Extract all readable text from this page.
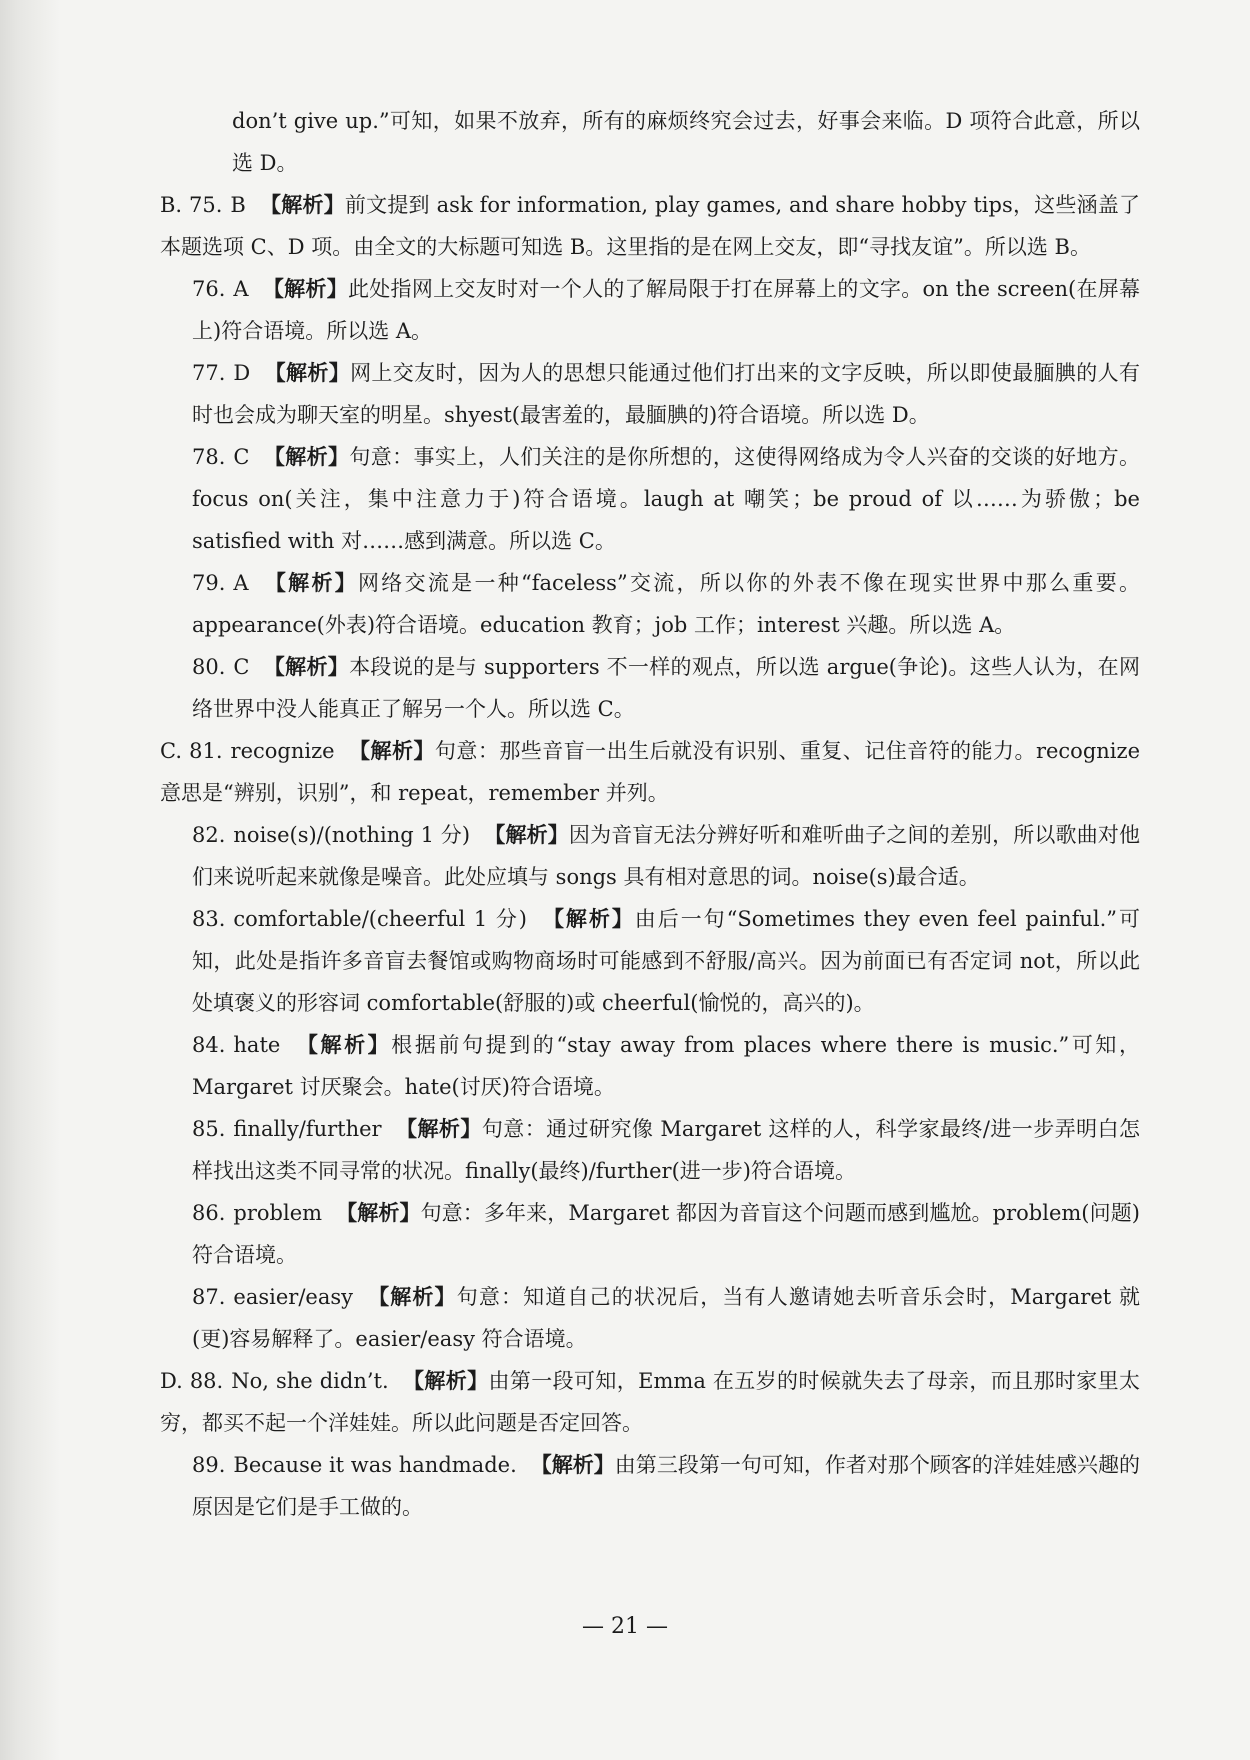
don’t give up.”可知，如果不放弃，所有的麻烦终究会过去，好事会来临。D 项符合此意，所以选 D。

B. 75. B 【解析】前文提到 ask for information, play games, and share hobby tips，这些涵盖了本题选项 C、D 项。由全文的大标题可知选 B。这里指的是在网上交友，即“寻找友谊”。所以选 B。

76. A 【解析】此处指网上交友时对一个人的了解局限于打在屏幕上的文字。on the screen(在屏幕上)符合语境。所以选 A。

77. D 【解析】网上交友时，因为人的思想只能通过他们打出来的文字反映，所以即使最腼腆的人有时也会成为聊天室的明星。shyest(最害羞的，最腼腆的)符合语境。所以选 D。

78. C 【解析】句意：事实上，人们关注的是你所想的，这使得网络成为令人兴奋的交谈的好地方。focus on(关注，集中注意力于)符合语境。laugh at 嘲笑；be proud of 以……为骄傲；be satisfied with 对……感到满意。所以选 C。

79. A 【解析】网络交流是一种“faceless”交流，所以你的外表不像在现实世界中那么重要。appearance(外表)符合语境。education 教育；job 工作；interest 兴趣。所以选 A。

80. C 【解析】本段说的是与 supporters 不一样的观点，所以选 argue(争论)。这些人认为，在网络世界中没人能真正了解另一个人。所以选 C。

C. 81. recognize 【解析】句意：那些音盲一出生后就没有识别、重复、记住音符的能力。recognize 意思是“辨别，识别”，和 repeat，remember 并列。

82. noise(s)/(nothing 1 分) 【解析】因为音盲无法分辨好听和难听曲子之间的差别，所以歌曲对他们来说听起来就像是噪音。此处应填与 songs 具有相对意思的词。noise(s)最合适。

83. comfortable/(cheerful 1 分) 【解析】由后一句“Sometimes they even feel painful.”可知，此处是指许多音盲去餐馆或购物商场时可能感到不舒服/高兴。因为前面已有否定词 not，所以此处填褒义的形容词 comfortable(舒服的)或 cheerful(愉悦的，高兴的)。

84. hate 【解析】根据前句提到的“stay away from places where there is music.”可知，Margaret 讨厌聚会。hate(讨厌)符合语境。

85. finally/further 【解析】句意：通过研究像 Margaret 这样的人，科学家最终/进一步弄明白怎样找出这类不同寻常的状况。finally(最终)/further(进一步)符合语境。

86. problem 【解析】句意：多年来，Margaret 都因为音盲这个问题而感到尴尬。problem(问题)符合语境。

87. easier/easy 【解析】句意：知道自己的状况后，当有人邀请她去听音乐会时，Margaret 就(更)容易解释了。easier/easy 符合语境。

D. 88. No, she didn’t. 【解析】由第一段可知，Emma 在五岁的时候就失去了母亲，而且那时家里太穷，都买不起一个洋娃娃。所以此问题是否定回答。

89. Because it was handmade. 【解析】由第三段第一句可知，作者对那个顾客的洋娃娃感兴趣的原因是它们是手工做的。

— 21 —
